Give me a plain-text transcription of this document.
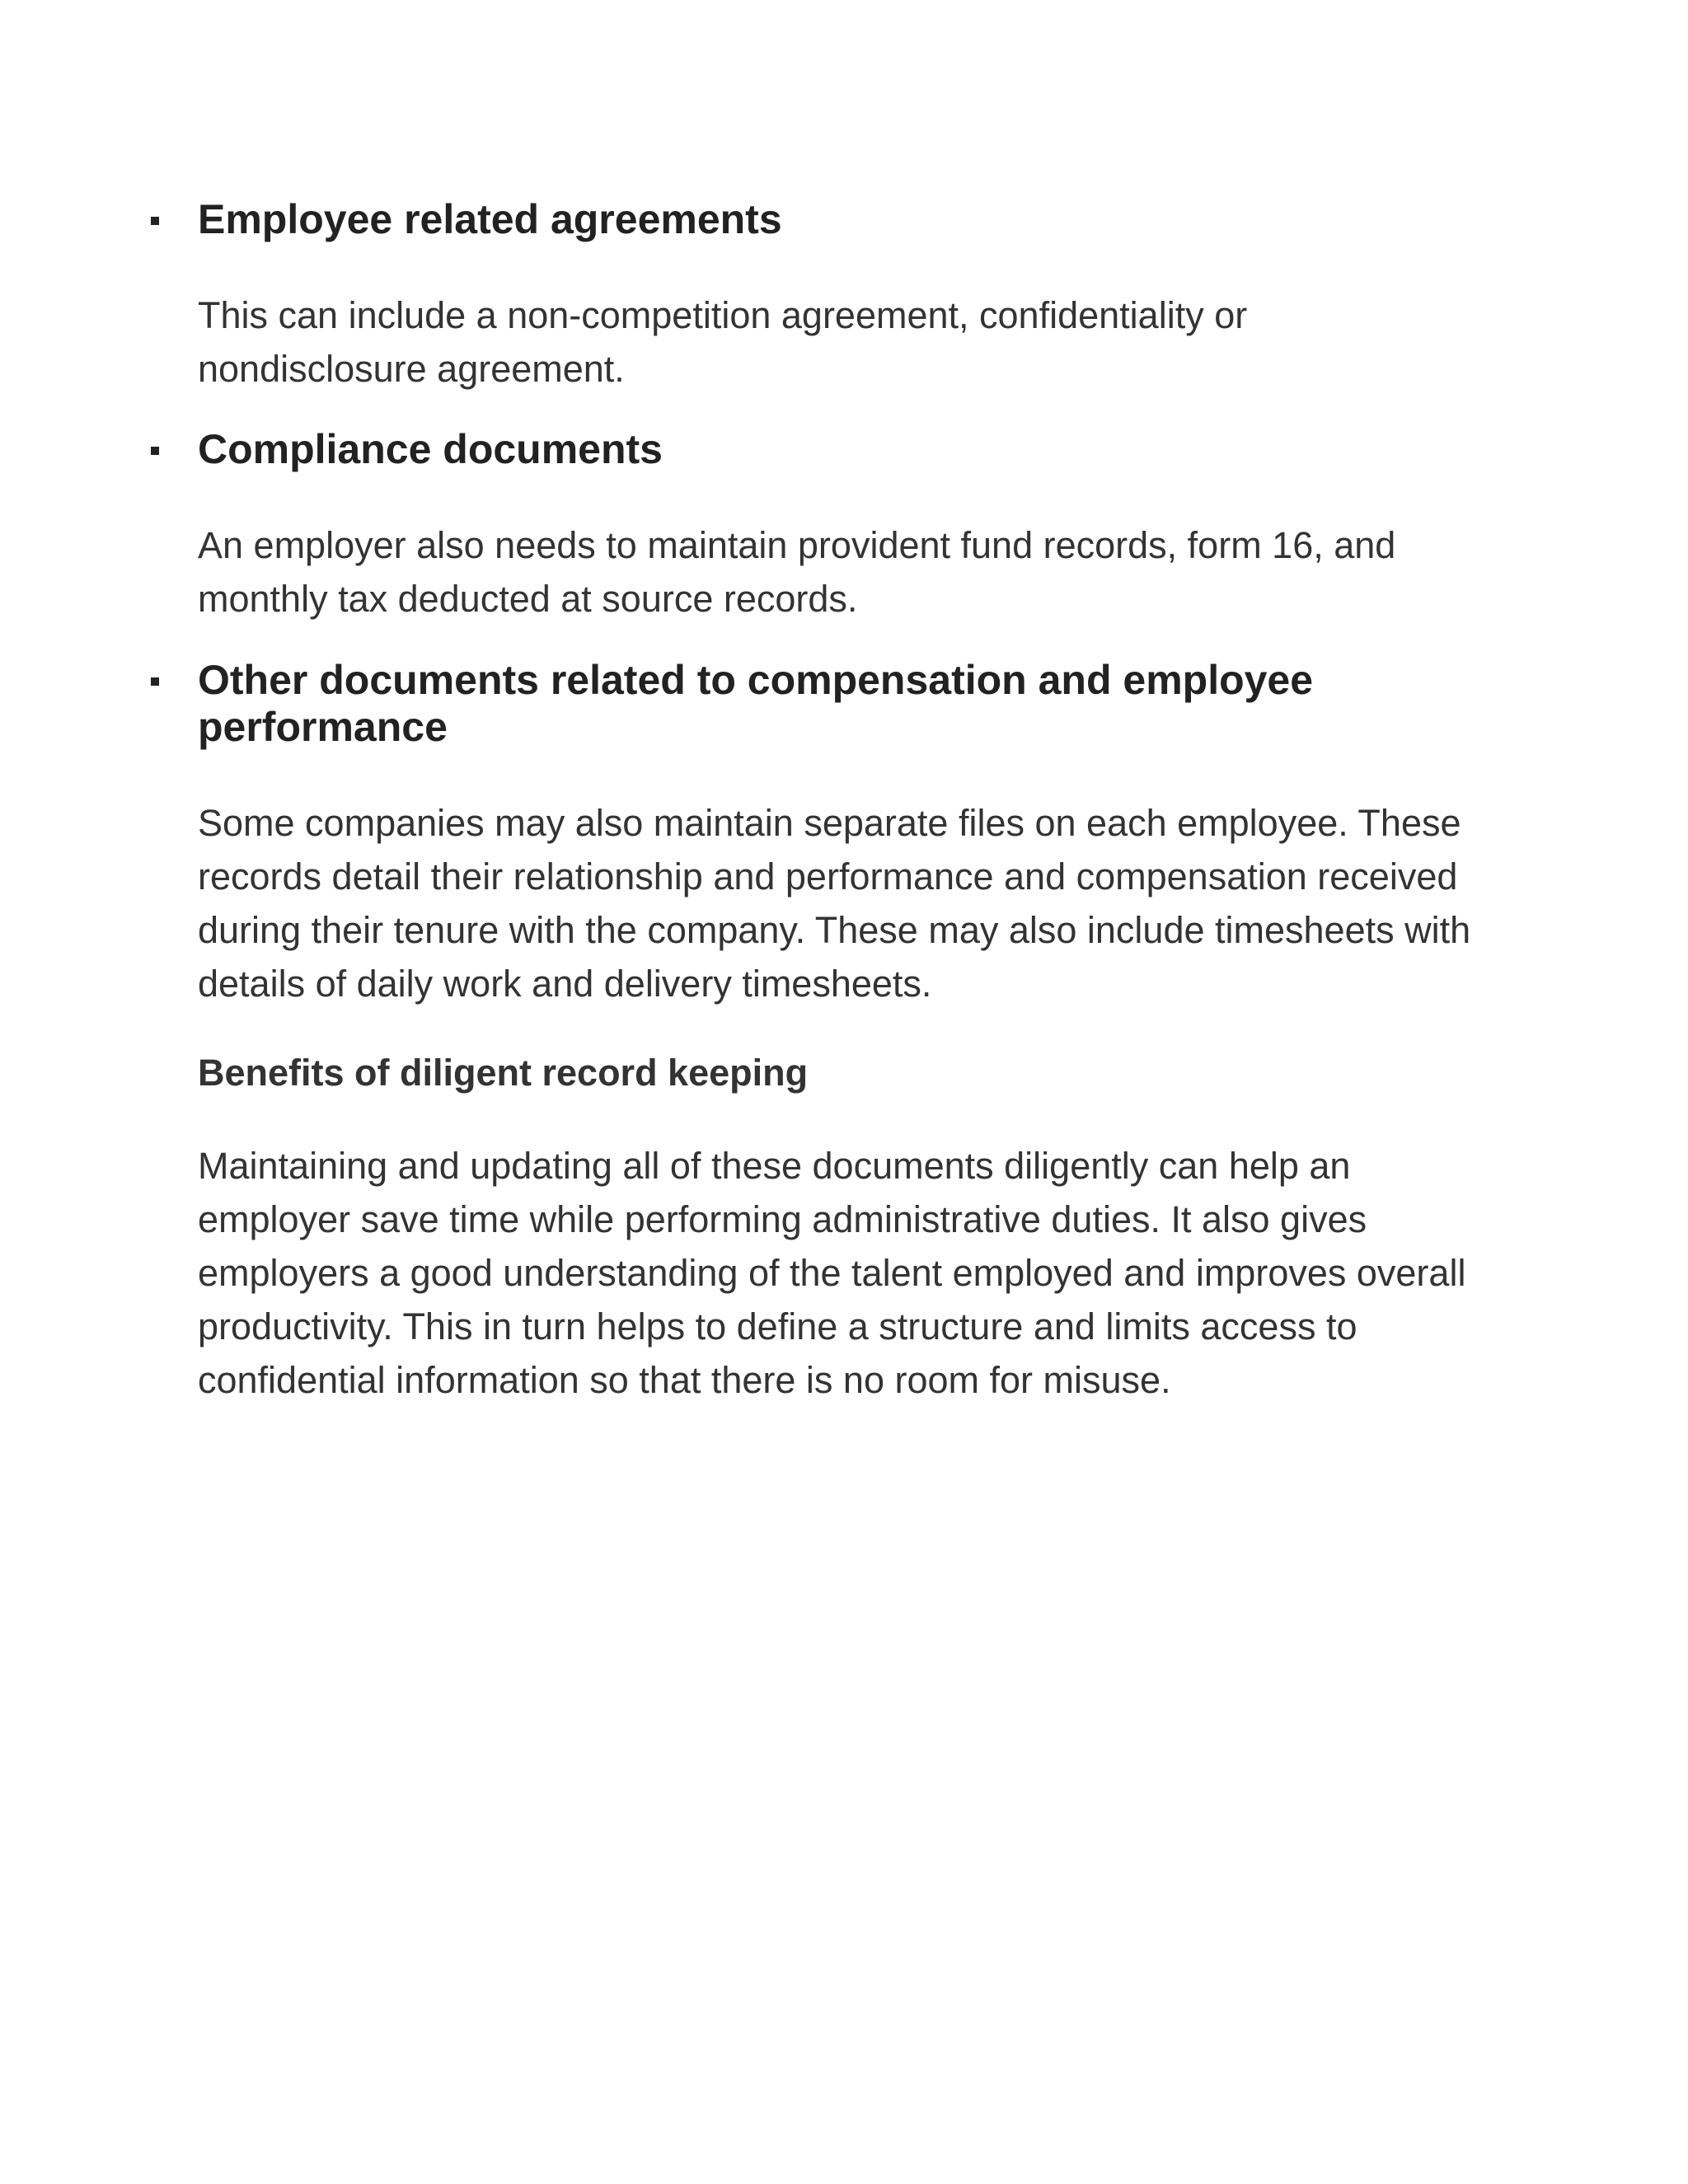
Employee related agreements

This can include a non-competition agreement, confidentiality or
nondisclosure agreement.

Compliance documents

An employer also needs to maintain provident fund records, form 16, and
monthly tax deducted at source records.

Other documents related to compensation and employee
performance

Some companies may also maintain separate files on each employee. These
records detail their relationship and performance and compensation received
during their tenure with the company. These may also include timesheets with
details of daily work and delivery timesheets.

Benefits of diligent record keeping

Maintaining and updating all of these documents diligently can help an
employer save time while performing administrative duties. It also gives
employers a good understanding of the talent employed and improves overall
productivity. This in turn helps to define a structure and limits access to
confidential information so that there is no room for misuse.
